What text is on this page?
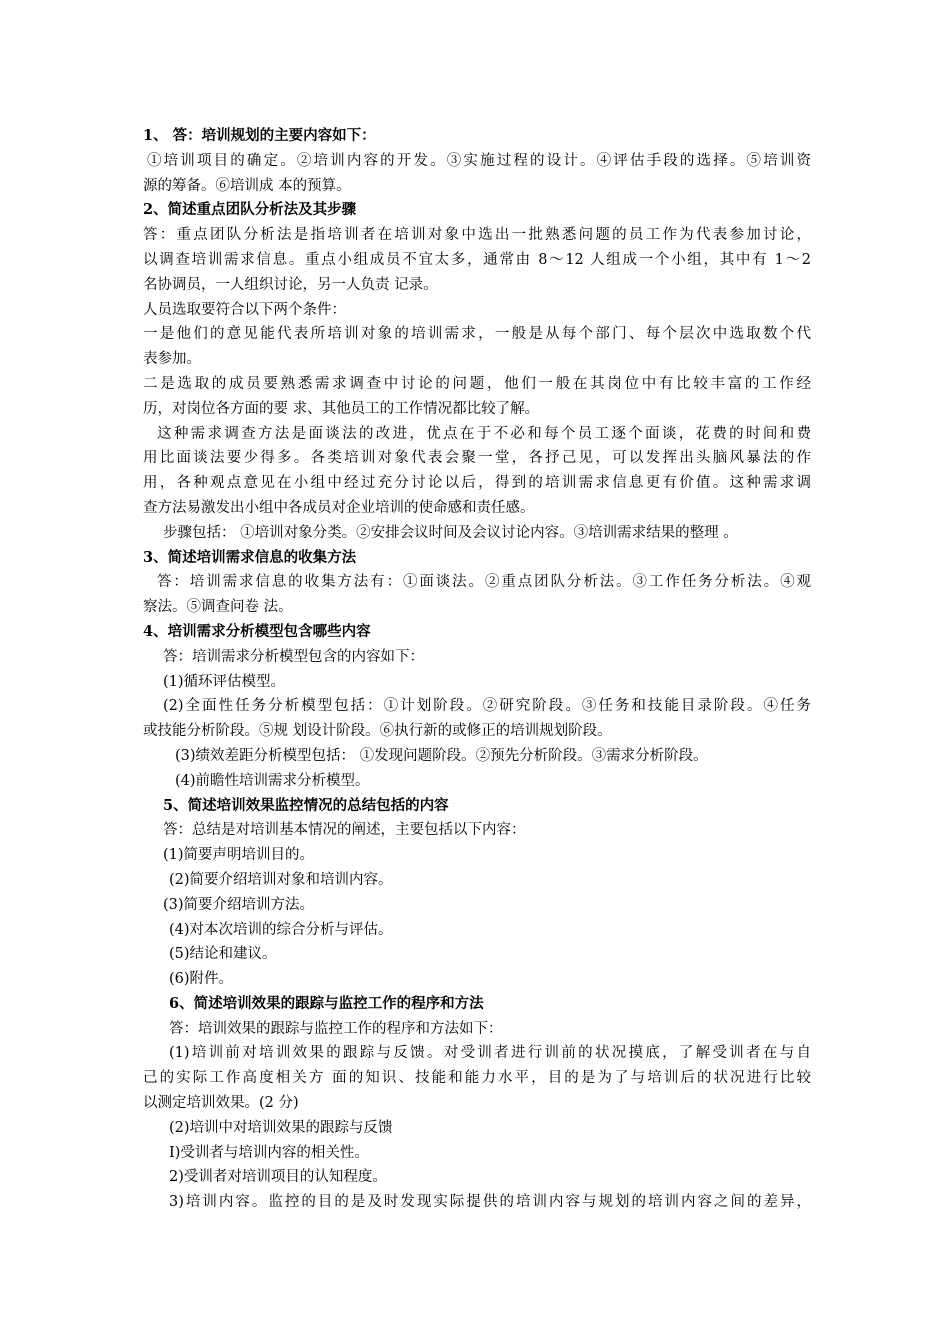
1、 答：培训规划的主要内容如下：
①培训项目的确定。②培训内容的开发。③实施过程的设计。④评估手段的选择。⑤培训资
源的筹备。⑥培训成 本的预算。
2、简述重点团队分析法及其步骤
答：重点团队分析法是指培训者在培训对象中选出一批熟悉问题的员工作为代表参加讨论，
以调查培训需求信息。重点小组成员不宜太多，通常由 8～12 人组成一个小组，其中有 1～2
名协调员，一人组织讨论，另一人负责 记录。
人员选取要符合以下两个条件：
一是他们的意见能代表所培训对象的培训需求，一般是从每个部门、每个层次中选取数个代
表参加。
二是选取的成员要熟悉需求调查中讨论的问题，他们一般在其岗位中有比较丰富的工作经
历，对岗位各方面的要 求、其他员工的工作情况都比较了解。
这种需求调查方法是面谈法的改进，优点在于不必和每个员工逐个面谈，花费的时间和费
用比面谈法要少得多。各类培训对象代表会聚一堂，各抒己见，可以发挥出头脑风暴法的作
用，各种观点意见在小组中经过充分讨论以后，得到的培训需求信息更有价值。这种需求调
查方法易激发出小组中各成员对企业培训的使命感和责任感。
步骤包括： ①培训对象分类。②安排会议时间及会议讨论内容。③培训需求结果的整理 。
3、简述培训需求信息的收集方法
答：培训需求信息的收集方法有：①面谈法。②重点团队分析法。③工作任务分析法。④观
察法。⑤调查问卷 法。
4、培训需求分析模型包含哪些内容
答：培训需求分析模型包含的内容如下：
(1)循环评估模型。
(2)全面性任务分析模型包括：①计划阶段。②研究阶段。③任务和技能目录阶段。④任务
或技能分析阶段。⑤规 划设计阶段。⑥执行新的或修正的培训规划阶段。
(3)绩效差距分析模型包括： ①发现问题阶段。②预先分析阶段。③需求分析阶段。
(4)前瞻性培训需求分析模型。
5、简述培训效果监控情况的总结包括的内容
答：总结是对培训基本情况的阐述，主要包括以下内容：
(1)简要声明培训目的。
(2)简要介绍培训对象和培训内容。
(3)简要介绍培训方法。
(4)对本次培训的综合分析与评估。
(5)结论和建议。
(6)附件。
6、简述培训效果的跟踪与监控工作的程序和方法
答：培训效果的跟踪与监控工作的程序和方法如下：
(1)培训前对培训效果的跟踪与反馈。对受训者进行训前的状况摸底，了解受训者在与自
己的实际工作高度相关方 面的知识、技能和能力水平，目的是为了与培训后的状况进行比较
以测定培训效果。(2 分)
(2)培训中对培训效果的跟踪与反馈
I)受训者与培训内容的相关性。
2)受训者对培训项目的认知程度。
3)培训内容。监控的目的是及时发现实际提供的培训内容与规划的培训内容之间的差异，
